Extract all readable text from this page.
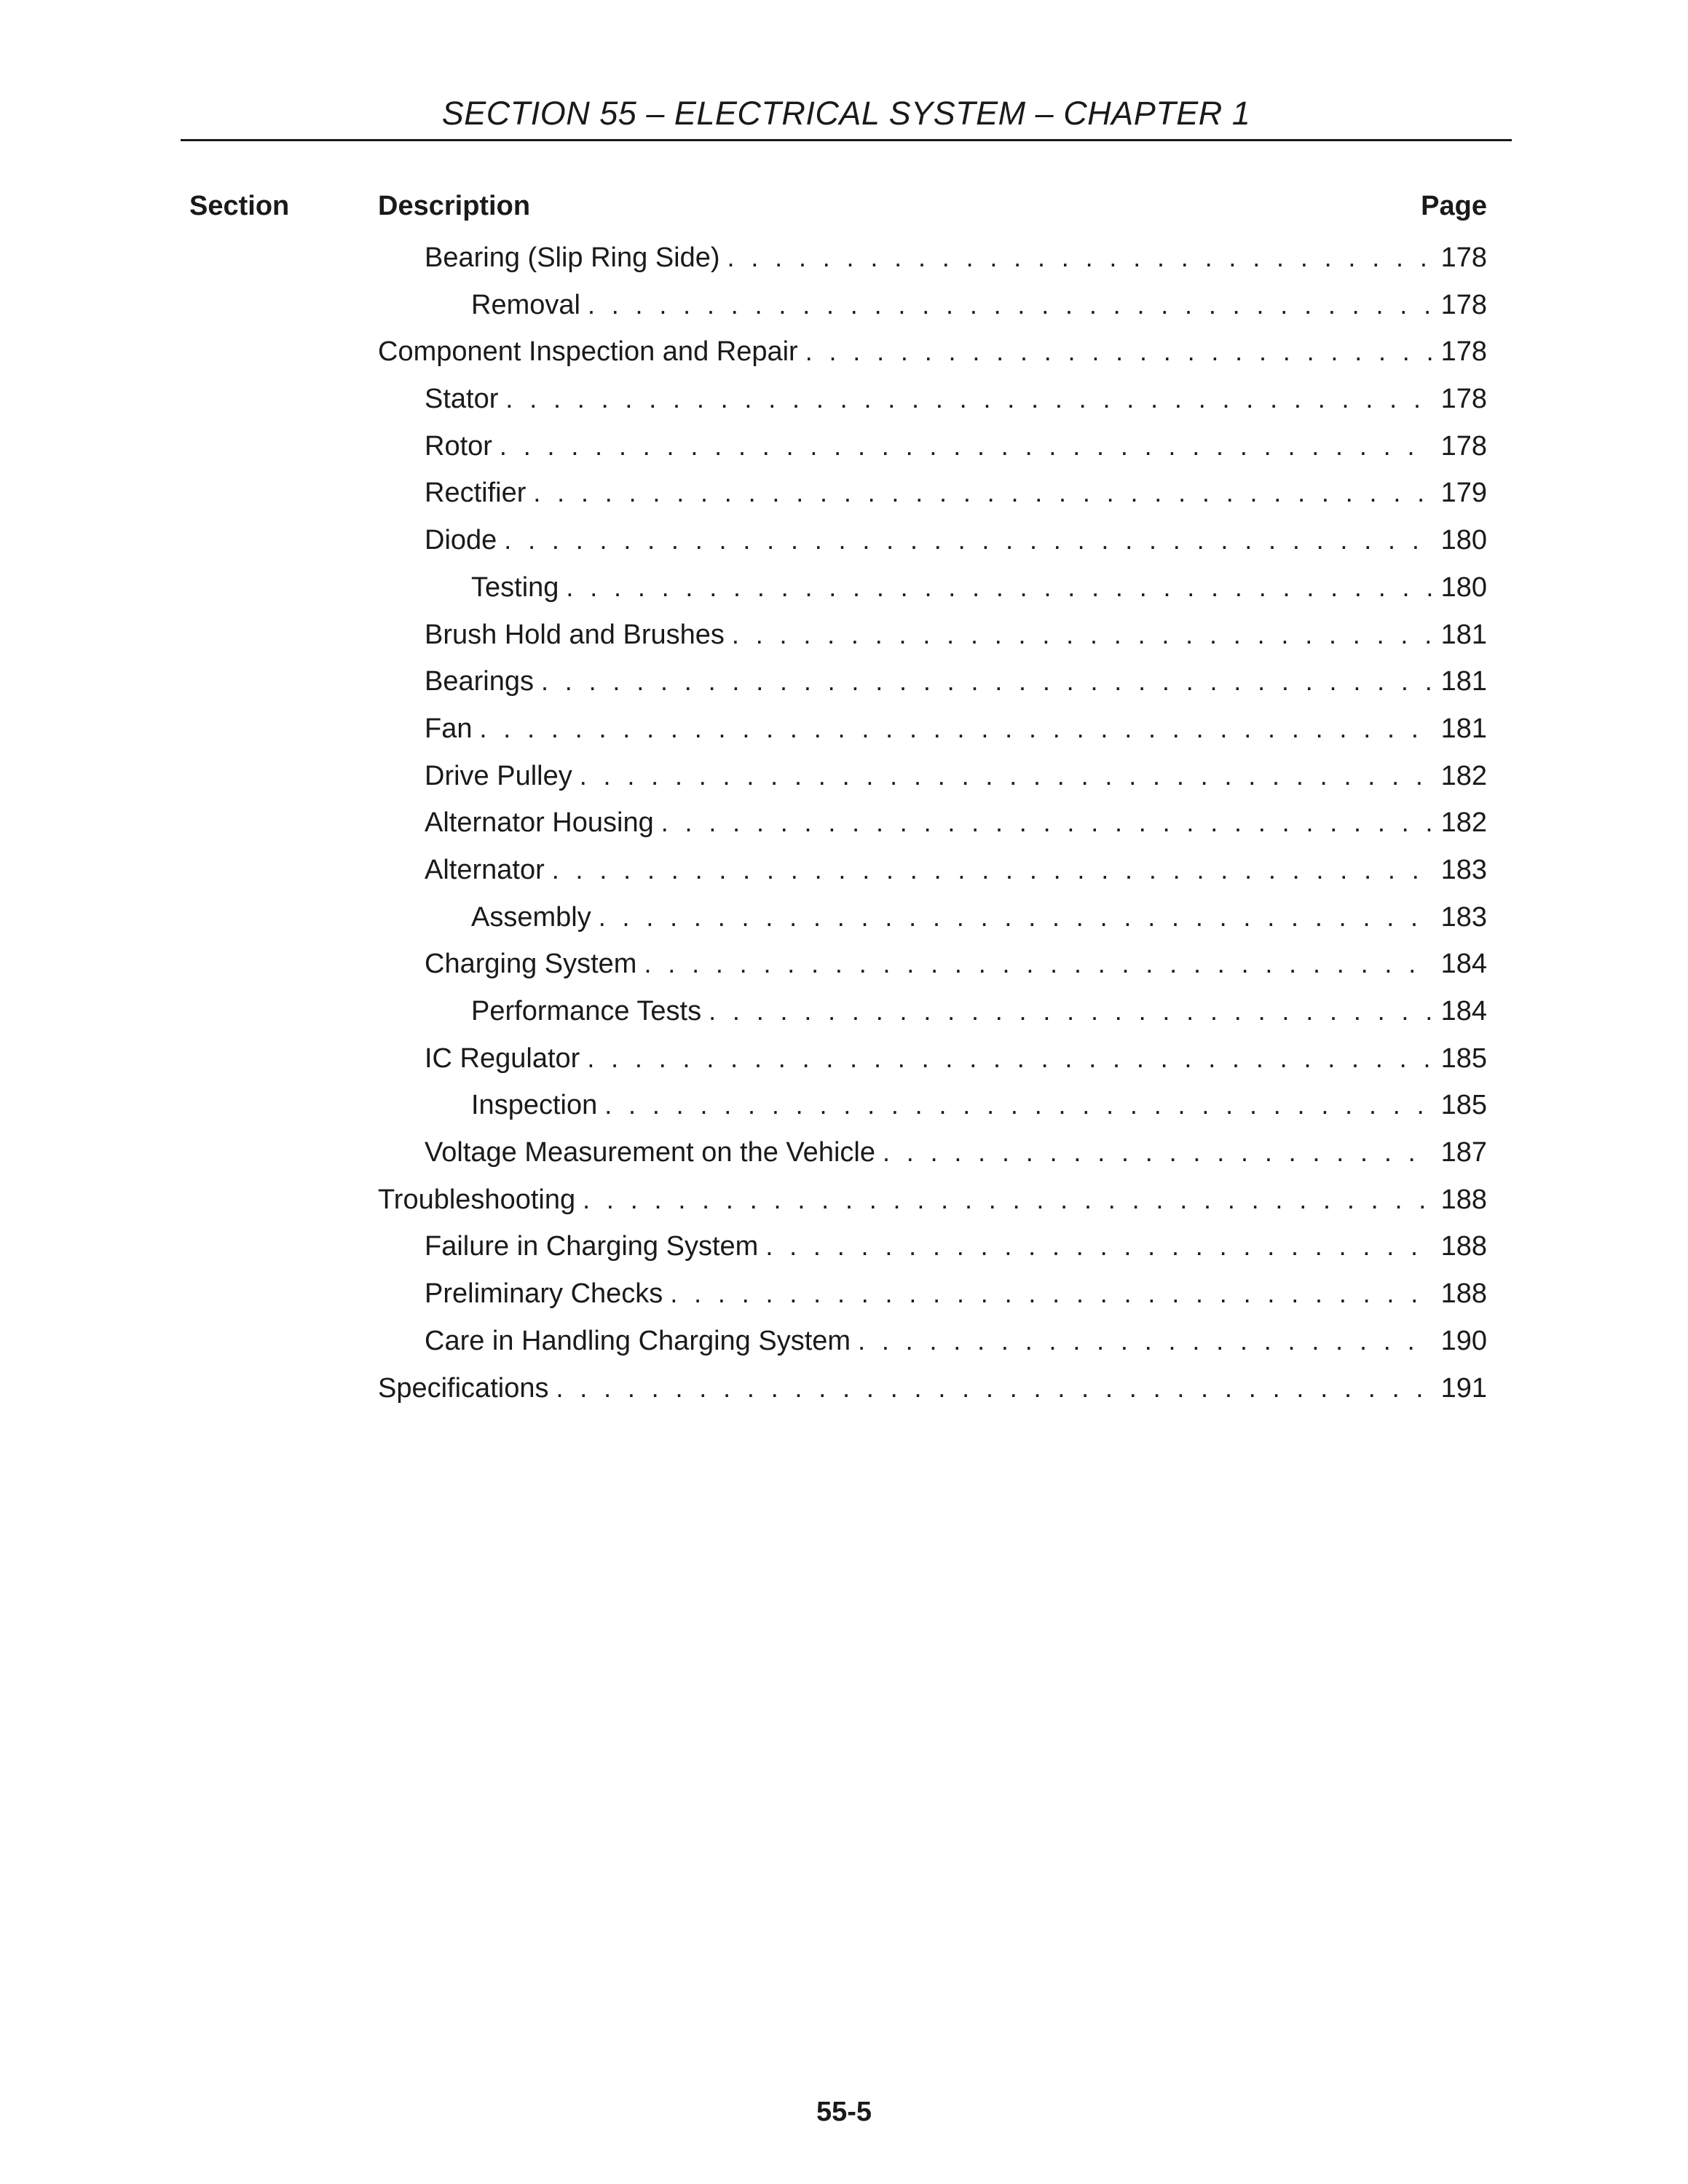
SECTION 55 – ELECTRICAL SYSTEM – CHAPTER 1
Section	Description	Page
Bearing (Slip Ring Side) . . .	178
Removal . . .	178
Component Inspection and Repair . . .	178
Stator . . .	178
Rotor . . .	178
Rectifier . . .	179
Diode . . .	180
Testing . . .	180
Brush Hold and Brushes . . .	181
Bearings . . .	181
Fan . . .	181
Drive Pulley . . .	182
Alternator Housing . . .	182
Alternator . . .	183
Assembly . . .	183
Charging System . . .	184
Performance Tests . . .	184
IC Regulator . . .	185
Inspection . . .	185
Voltage Measurement on the Vehicle . . .	187
Troubleshooting . . .	188
Failure in Charging System . . .	188
Preliminary Checks . . .	188
Care in Handling Charging System . . .	190
Specifications . . .	191
55-5
